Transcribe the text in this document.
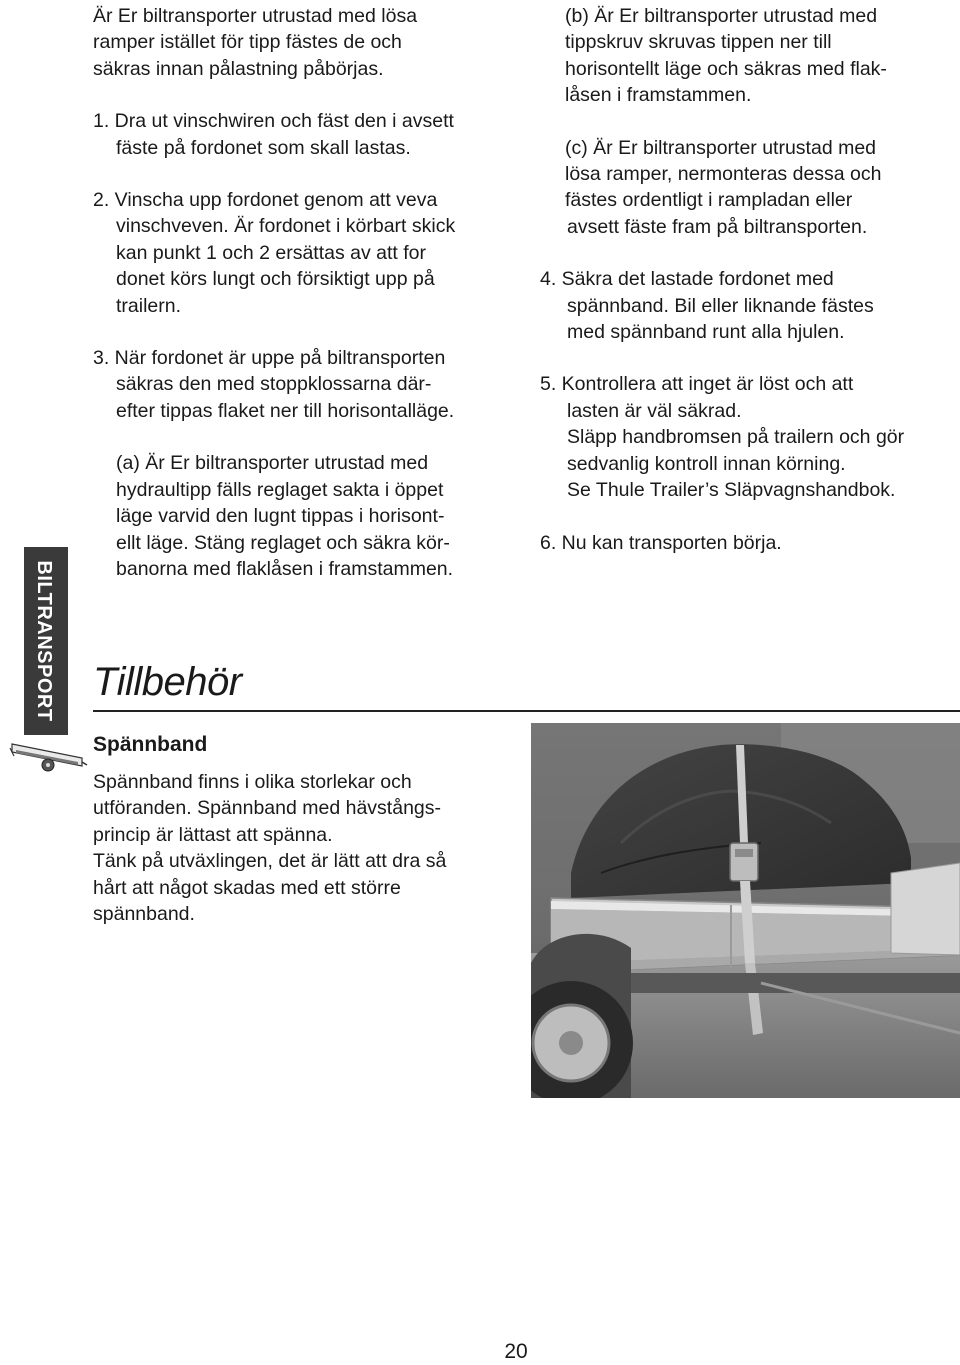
Är Er biltransporter utrustad med lösa

ramper istället för tipp fästes de och

säkras innan pålastning påbörjas.

1. Dra ut vinschwiren och fäst den i avsett

fäste på fordonet som skall lastas.

2. Vinscha upp fordonet genom att veva

vinschveven. Är fordonet i körbart skick

kan punkt 1 och 2 ersättas av att for

donet körs lungt och försiktigt upp på

trailern.

3. När fordonet är uppe på biltransporten

säkras den med stoppklossarna där-

efter tippas flaket ner till horisontalläge.

(a) Är Er biltransporter utrustad med

hydraultipp fälls reglaget sakta i öppet

läge varvid den lugnt tippas i horisont-

ellt läge. Stäng reglaget och säkra kör-

banorna med flaklåsen i framstammen.

(b) Är Er biltransporter utrustad med

tippskruv skruvas tippen ner till

horisontellt läge och säkras med flak-

låsen i framstammen.

(c) Är Er biltransporter utrustad med

lösa ramper, nermonteras dessa och

fästes ordentligt i rampladan eller

avsett fäste fram på biltransporten.

4. Säkra det lastade fordonet med

spännband. Bil eller liknande fästes

med spännband runt alla hjulen.

5. Kontrollera att inget är löst och att

lasten är väl säkrad.

Släpp handbromsen på trailern och gör

sedvanlig kontroll innan körning.

Se Thule Trailer’s Släpvagnshandbok.

6. Nu kan transporten börja.

BILTRANSPORT Tillbehör
Spännband

Spännband finns i olika storlekar och

utföranden. Spännband med hävstångs-

princip är lättast att spänna.

Tänk på utväxlingen, det är lätt att dra så

hårt att något skadas med ett större

spännband.

20
